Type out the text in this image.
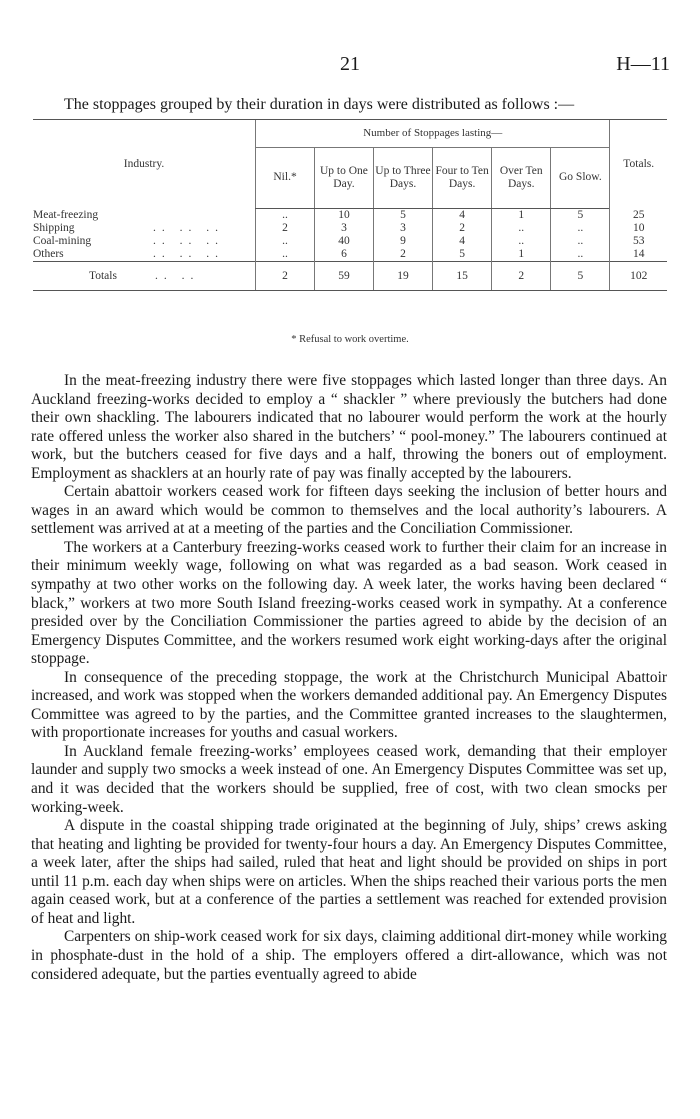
21	H—11
The stoppages grouped by their duration in days were distributed as follows :—
Industry.	Number of Stoppages lasting—						Totals.
	Nil.*	Up to One Day.	Up to Three Days.	Four to Ten Days.	Over Ten Days.	Go Slow.	
Meat-freezing	..	10	5	4	1	5	25
Shipping .. .. ..	2	3	3	2	..	..	10
Coal-mining .. .. ..	..	40	9	4	..	..	53
Others .. .. ..	..	6	2	5	1	..	14
Totals .. ..	2	59	19	15	2	5	102
* Refusal to work overtime.

In the meat-freezing industry there were five stoppages which lasted longer than three days. An Auckland freezing-works decided to employ a “ shackler ” where previously the butchers had done their own shackling. The labourers indicated that no labourer would perform the work at the hourly rate offered unless the worker also shared in the butchers’ “ pool-money.” The labourers continued at work, but the butchers ceased for five days and a half, throwing the boners out of employment. Employment as shacklers at an hourly rate of pay was finally accepted by the labourers.

Certain abattoir workers ceased work for fifteen days seeking the inclusion of better hours and wages in an award which would be common to themselves and the local authority’s labourers. A settlement was arrived at at a meeting of the parties and the Conciliation Commissioner.

The workers at a Canterbury freezing-works ceased work to further their claim for an increase in their minimum weekly wage, following on what was regarded as a bad season. Work ceased in sympathy at two other works on the following day. A week later, the works having been declared “ black,” workers at two more South Island freezing-works ceased work in sympathy. At a conference presided over by the Conciliation Commissioner the parties agreed to abide by the decision of an Emergency Disputes Committee, and the workers resumed work eight working-days after the original stoppage.

In consequence of the preceding stoppage, the work at the Christchurch Municipal Abattoir increased, and work was stopped when the workers demanded additional pay. An Emergency Disputes Committee was agreed to by the parties, and the Committee granted increases to the slaughtermen, with proportionate increases for youths and casual workers.

In Auckland female freezing-works’ employees ceased work, demanding that their employer launder and supply two smocks a week instead of one. An Emergency Disputes Committee was set up, and it was decided that the workers should be supplied, free of cost, with two clean smocks per working-week.

A dispute in the coastal shipping trade originated at the beginning of July, ships’ crews asking that heating and lighting be provided for twenty-four hours a day. An Emergency Disputes Committee, a week later, after the ships had sailed, ruled that heat and light should be provided on ships in port until 11 p.m. each day when ships were on articles. When the ships reached their various ports the men again ceased work, but at a conference of the parties a settlement was reached for extended provision of heat and light.

Carpenters on ship-work ceased work for six days, claiming additional dirt-money while working in phosphate-dust in the hold of a ship. The employers offered a dirt-allowance, which was not considered adequate, but the parties eventually agreed to abide
